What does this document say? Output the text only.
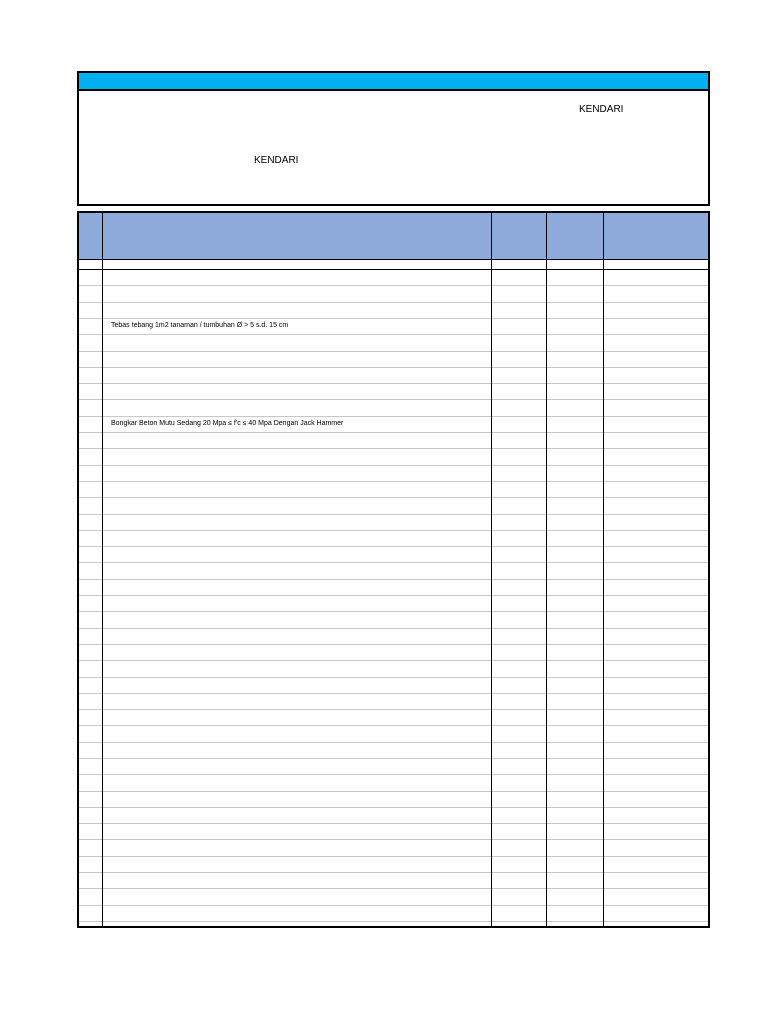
KENDARI
KENDARI
Tebas tebang 1m2 tanaman / tumbuhan Ø > 5 s.d. 15 cm
Bongkar Beton Mutu Sedang 20 Mpa ≤ f'c ≤ 40 Mpa Dengan Jack Hammer
